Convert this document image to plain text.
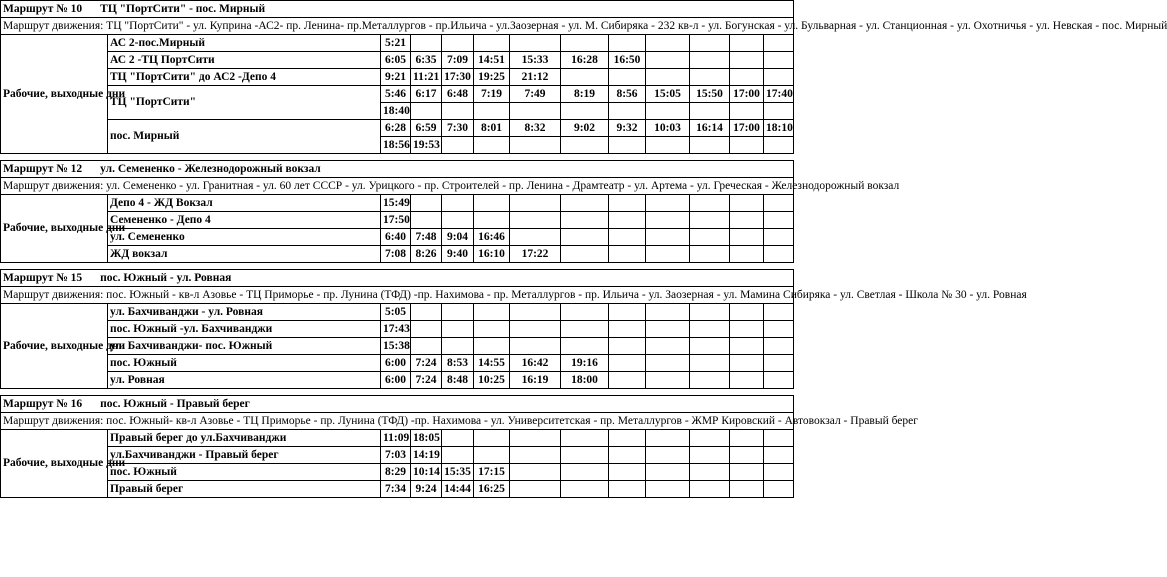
Маршрут № 10 ТЦ "ПортСити" - пос. Мирный												
Маршрут движения: ТЦ "ПортСити" - ул. Куприна -АС2- пр. Ленина- пр.Металлургов - пр.Ильича - ул.Заозерная - ул. М. Сибиряка - 232 кв-л - ул. Богунская - ул. Бульварная - ул. Станционная - ул. Охотничья - ул. Невская - пос. Мирный												
Рабочие, выходные дни	АС 2-пос.Мирный	5:21										
	АС 2 -ТЦ ПортСити	6:05	6:35	7:09	14:51	15:33	16:28	16:50				
	ТЦ "ПортСити" до АС2 -Депо 4	9:21	11:21	17:30	19:25	21:12						
	ТЦ "ПортСити"	5:46	6:17	6:48	7:19	7:49	8:19	8:56	15:05	15:50	17:00	17:40
		18:40										
	пос. Мирный	6:28	6:59	7:30	8:01	8:32	9:02	9:32	10:03	16:14	17:00	18:10
		18:56	19:53									

Маршрут № 12 ул. Семененко - Железнодорожный вокзал												
Маршрут движения: ул. Семененко - ул. Гранитная - ул. 60 лет СССР - ул. Урицкого - пр. Строителей - пр. Ленина - Драмтеатр - ул. Артема - ул. Греческая - Железнодорожный вокзал												
Рабочие, выходные дни	Депо 4 - ЖД Вокзал	15:49										
	Семененко - Депо 4	17:50										
	ул. Семененко	6:40	7:48	9:04	16:46							
	ЖД вокзал	7:08	8:26	9:40	16:10	17:22						

Маршрут № 15 пос. Южный - ул. Ровная												
Маршрут движения: пос. Южный - кв-л Азовье - ТЦ Приморье - пр. Лунина (ТФД) -пр. Нахимова - пр. Металлургов - пр. Ильича - ул. Заозерная - ул. Мамина Сибиряка - ул. Светлая - Школа № 30 - ул. Ровная												
Рабочие, выходные дни	ул. Бахчиванджи - ул. Ровная	5:05										
	пос. Южный -ул. Бахчиванджи	17:43										
	ул. Бахчиванджи- пос. Южный	15:38										
	пос. Южный	6:00	7:24	8:53	14:55	16:42	19:16					
	ул. Ровная	6:00	7:24	8:48	10:25	16:19	18:00					

Маршрут № 16 пос. Южный - Правый берег												
Маршрут движения: пос. Южный- кв-л Азовье - ТЦ Приморье - пр. Лунина (ТФД) -пр. Нахимова - ул. Университетская - пр. Металлургов - ЖМР Кировский - Автовокзал - Правый берег												
Рабочие, выходные дни	Правый берег до ул.Бахчиванджи	11:09	18:05									
	ул.Бахчиванджи - Правый берег	7:03	14:19									
	пос. Южный	8:29	10:14	15:35	17:15							
	Правый берег	7:34	9:24	14:44	16:25							
